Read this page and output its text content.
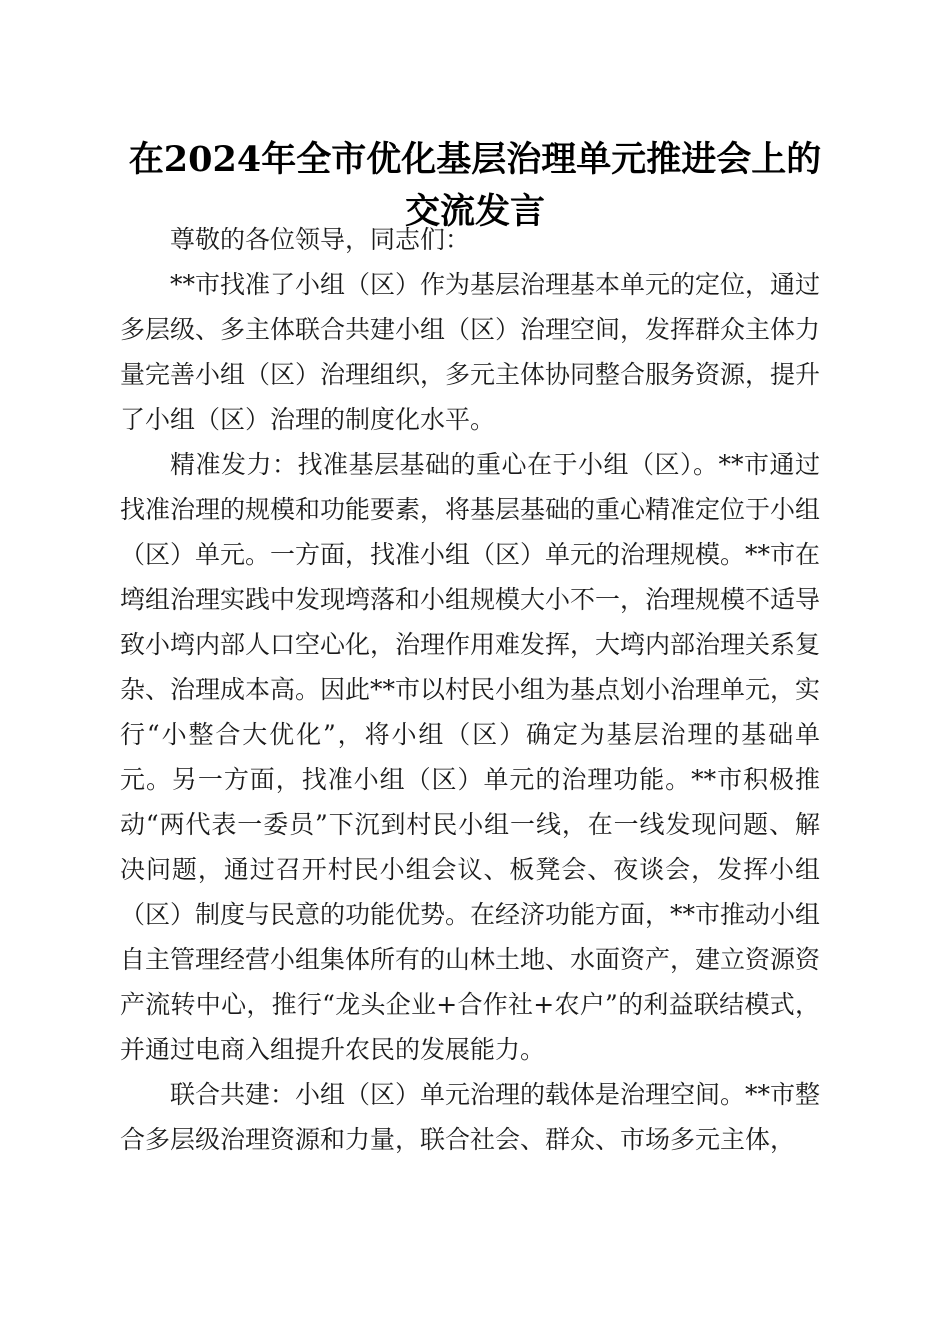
在2024年全市优化基层治理单元推进会上的
交流发言

尊敬的各位领导，同志们：

**市找准了小组（区）作为基层治理基本单元的定位，通过多层级、多主体联合共建小组（区）治理空间，发挥群众主体力量完善小组（区）治理组织，多元主体协同整合服务资源，提升了小组（区）治理的制度化水平。

精准发力：找准基层基础的重心在于小组（区）。**市通过找准治理的规模和功能要素，将基层基础的重心精准定位于小组（区）单元。一方面，找准小组（区）单元的治理规模。**市在塆组治理实践中发现塆落和小组规模大小不一，治理规模不适导致小塆内部人口空心化，治理作用难发挥，大塆内部治理关系复杂、治理成本高。因此**市以村民小组为基点划小治理单元，实行“小整合大优化”，将小组（区）确定为基层治理的基础单元。另一方面，找准小组（区）单元的治理功能。**市积极推动“两代表一委员”下沉到村民小组一线，在一线发现问题、解决问题，通过召开村民小组会议、板凳会、夜谈会，发挥小组（区）制度与民意的功能优势。在经济功能方面，**市推动小组自主管理经营小组集体所有的山林土地、水面资产，建立资源资产流转中心，推行“龙头企业+合作社+农户”的利益联结模式，并通过电商入组提升农民的发展能力。

联合共建：小组（区）单元治理的载体是治理空间。**市整合多层级治理资源和力量，联合社会、群众、市场多元主体，
